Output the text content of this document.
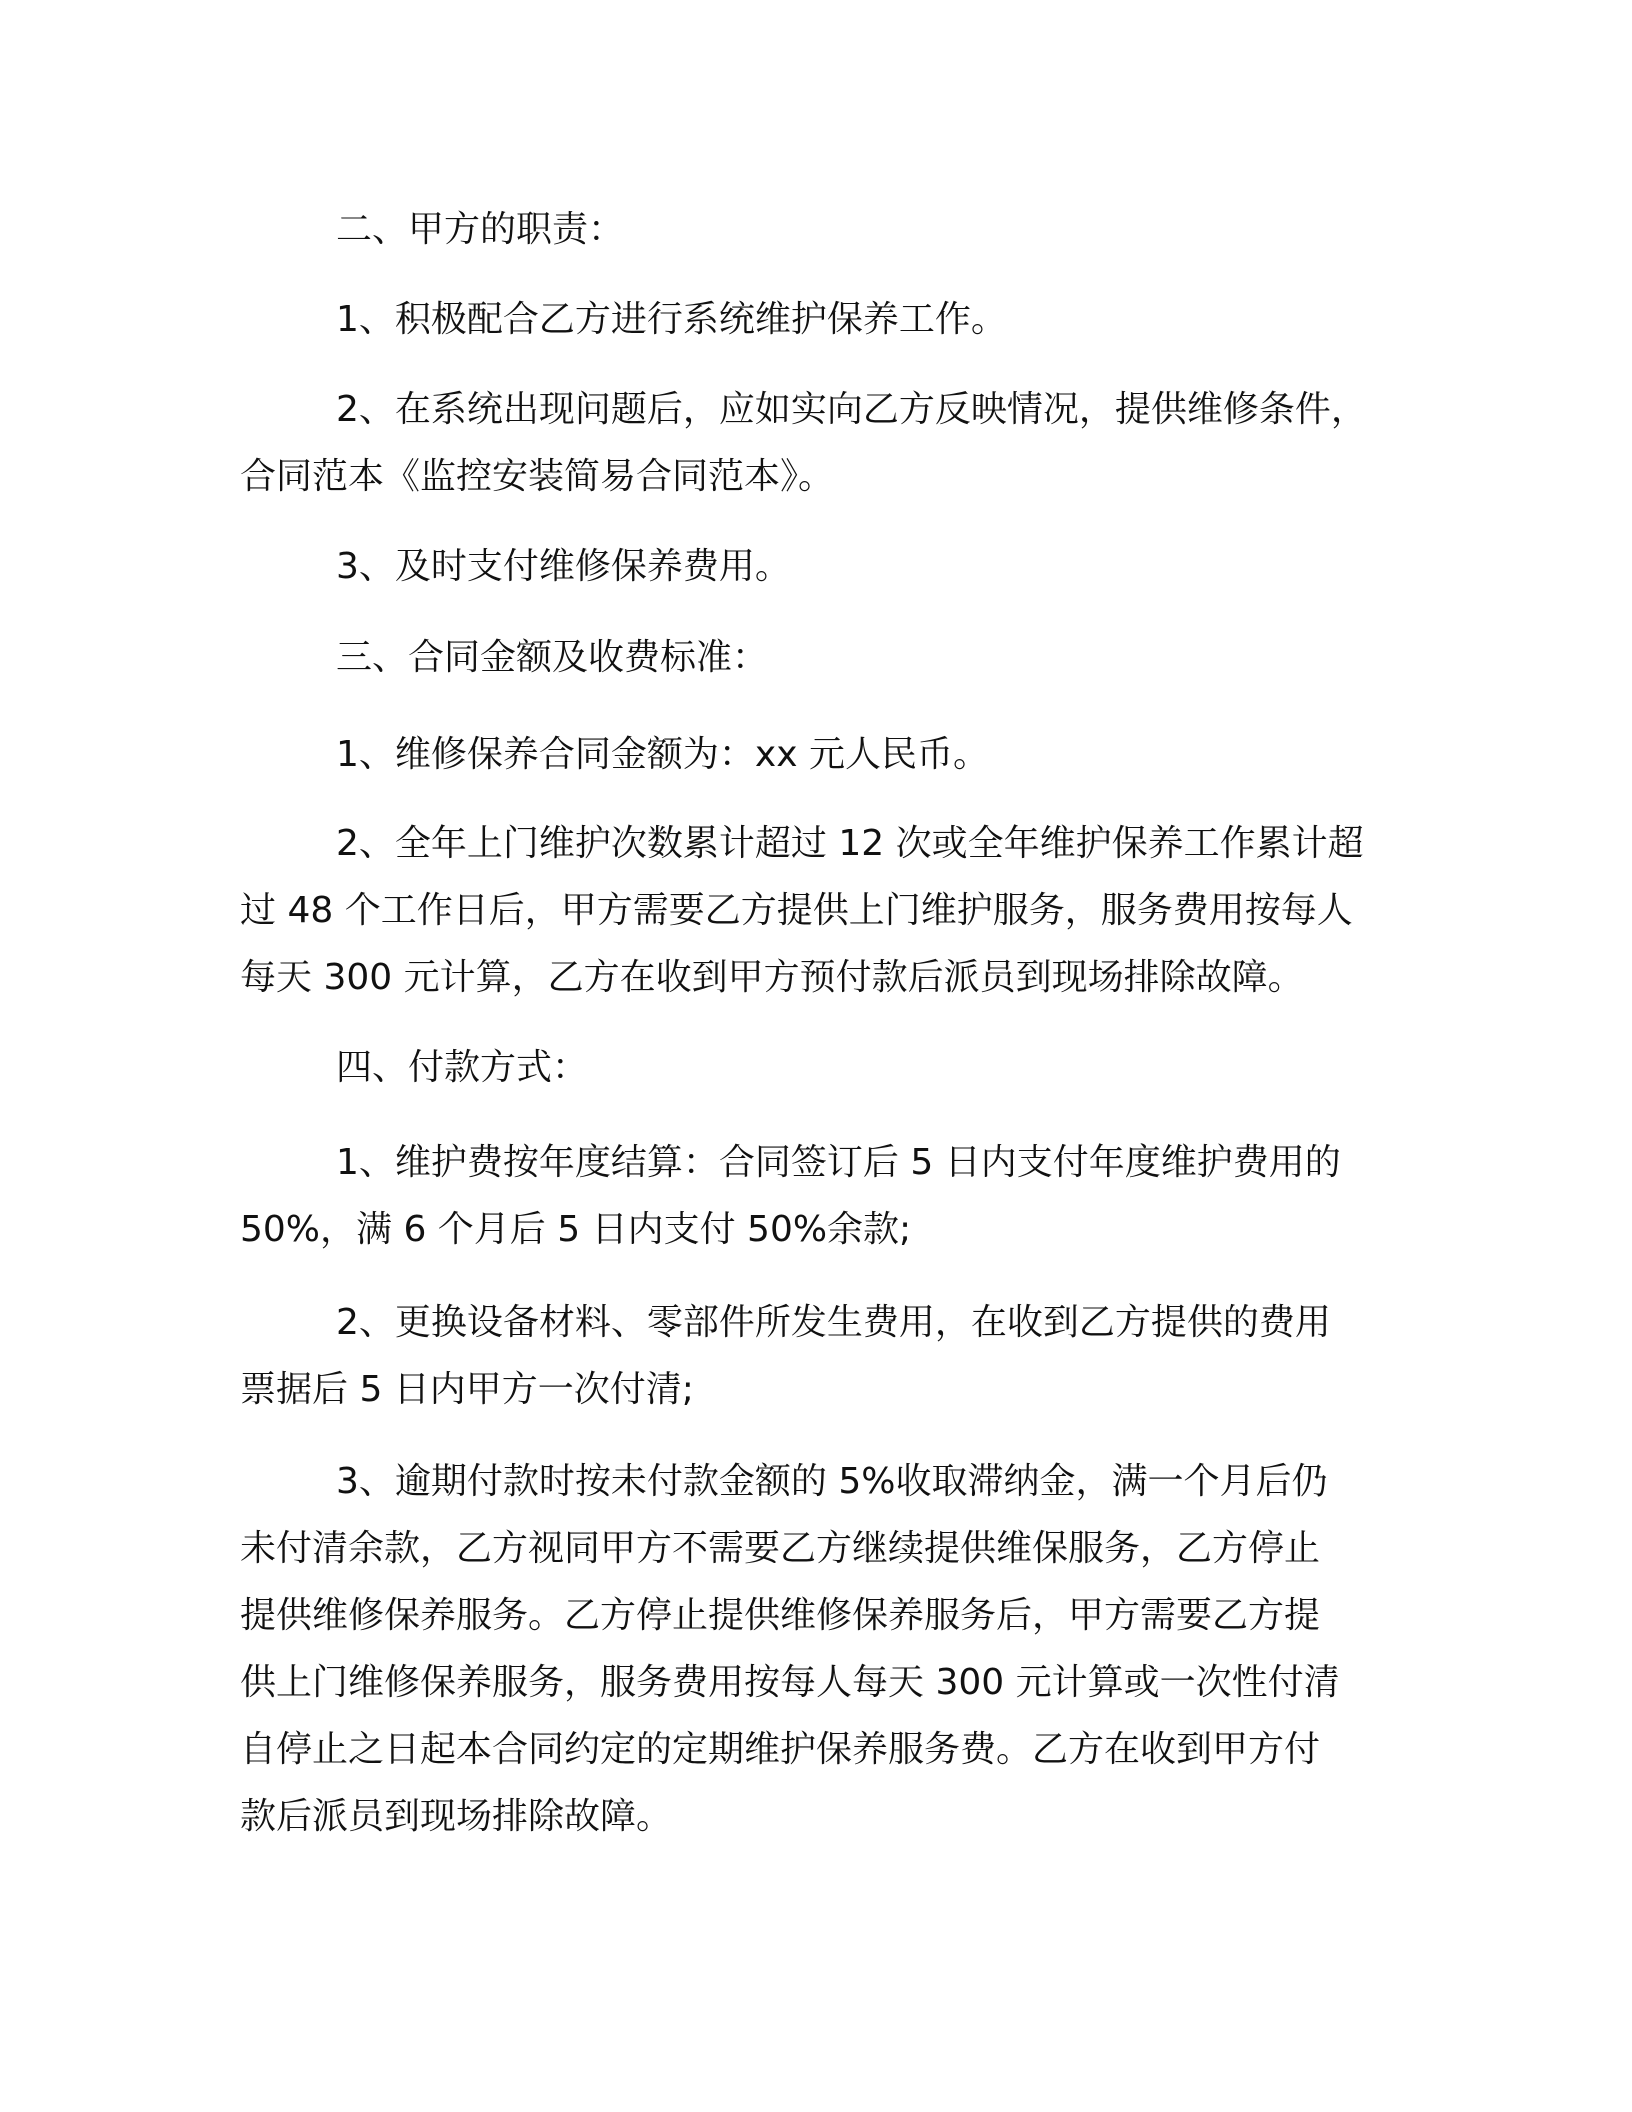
二、甲方的职责：
1、积极配合乙方进行系统维护保养工作。
2、在系统出现问题后，应如实向乙方反映情况，提供维修条件，
合同范本《监控安装简易合同范本》。
3、及时支付维修保养费用。
三、合同金额及收费标准：
1、维修保养合同金额为：xx 元人民币。
2、全年上门维护次数累计超过 12 次或全年维护保养工作累计超
过 48 个工作日后，甲方需要乙方提供上门维护服务，服务费用按每人
每天 300 元计算，乙方在收到甲方预付款后派员到现场排除故障。
四、付款方式：
1、维护费按年度结算：合同签订后 5 日内支付年度维护费用的
50%，满 6 个月后 5 日内支付 50%余款;
2、更换设备材料、零部件所发生费用，在收到乙方提供的费用
票据后 5 日内甲方一次付清;
3、逾期付款时按未付款金额的 5%收取滞纳金，满一个月后仍
未付清余款，乙方视同甲方不需要乙方继续提供维保服务，乙方停止
提供维修保养服务。乙方停止提供维修保养服务后，甲方需要乙方提
供上门维修保养服务，服务费用按每人每天 300 元计算或一次性付清
自停止之日起本合同约定的定期维护保养服务费。乙方在收到甲方付
款后派员到现场排除故障。
